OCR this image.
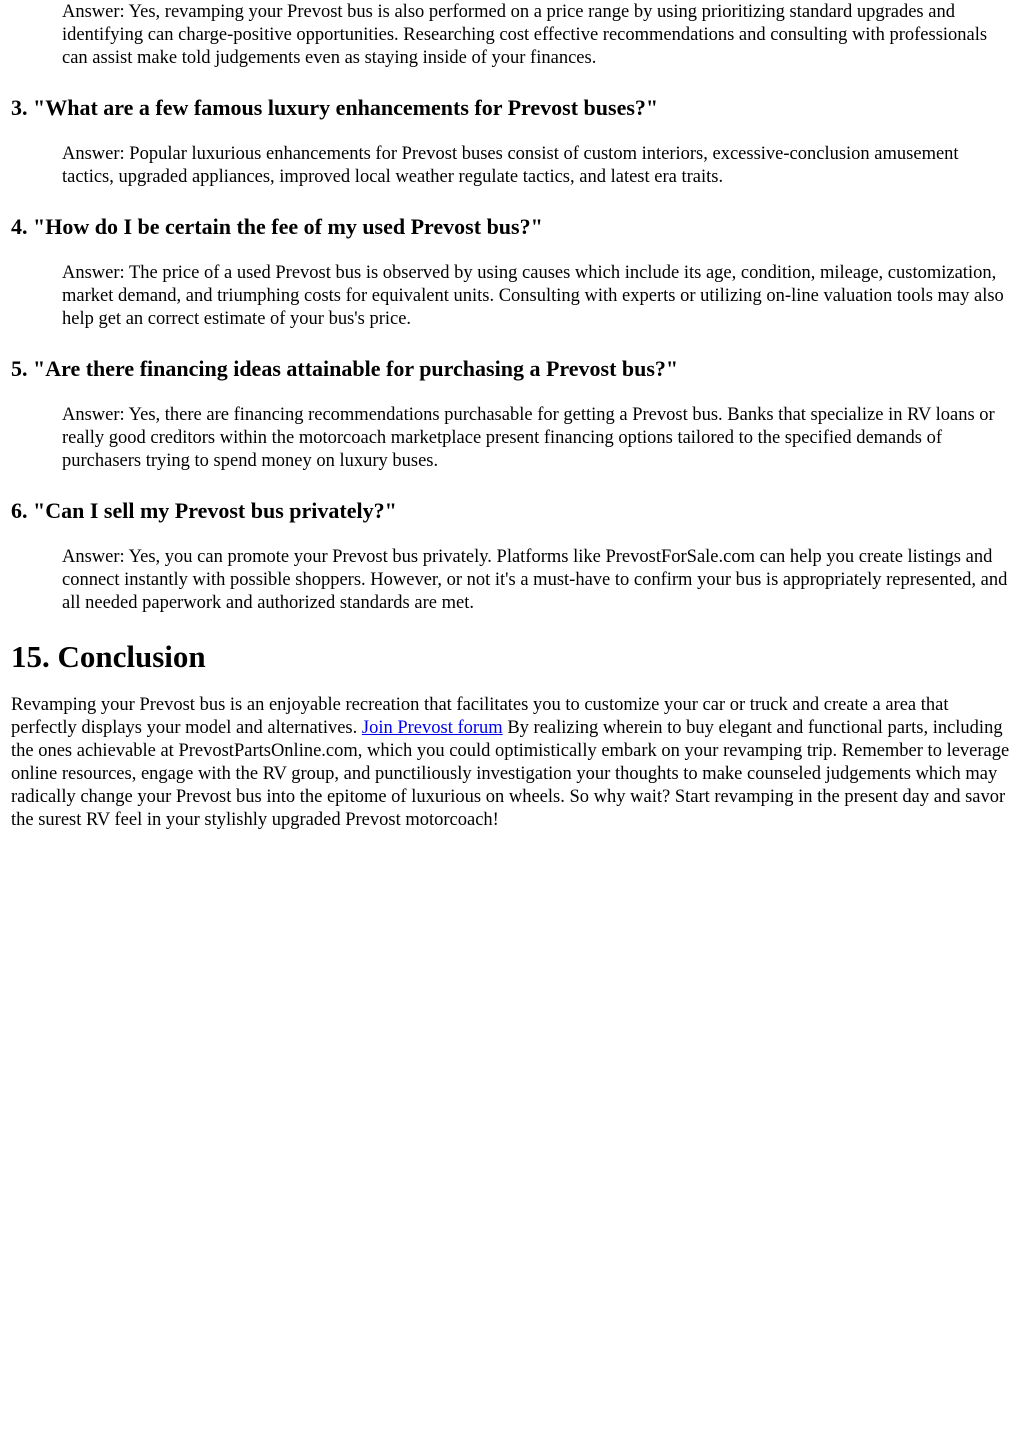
Answer: Yes, revamping your Prevost bus is also performed on a price range by using prioritizing standard upgrades and identifying can charge-positive opportunities. Researching cost effective recommendations and consulting with professionals can assist make told judgements even as staying inside of your finances.

3. "What are a few famous luxury enhancements for Prevost buses?"

Answer: Popular luxurious enhancements for Prevost buses consist of custom interiors, excessive-conclusion amusement tactics, upgraded appliances, improved local weather regulate tactics, and latest era traits.

4. "How do I be certain the fee of my used Prevost bus?"

Answer: The price of a used Prevost bus is observed by using causes which include its age, condition, mileage, customization, market demand, and triumphing costs for equivalent units. Consulting with experts or utilizing on-line valuation tools may also help get an correct estimate of your bus's price.

5. "Are there financing ideas attainable for purchasing a Prevost bus?"

Answer: Yes, there are financing recommendations purchasable for getting a Prevost bus. Banks that specialize in RV loans or really good creditors within the motorcoach marketplace present financing options tailored to the specified demands of purchasers trying to spend money on luxury buses.

6. "Can I sell my Prevost bus privately?"

Answer: Yes, you can promote your Prevost bus privately. Platforms like PrevostForSale.com can help you create listings and connect instantly with possible shoppers. However, or not it's a must-have to confirm your bus is appropriately represented, and all needed paperwork and authorized standards are met.

15. Conclusion

Revamping your Prevost bus is an enjoyable recreation that facilitates you to customize your car or truck and create a area that perfectly displays your model and alternatives. Join Prevost forum By realizing wherein to buy elegant and functional parts, including the ones achievable at PrevostPartsOnline.com, which you could optimistically embark on your revamping trip. Remember to leverage online resources, engage with the RV group, and punctiliously investigation your thoughts to make counseled judgements which may radically change your Prevost bus into the epitome of luxurious on wheels. So why wait? Start revamping in the present day and savor the surest RV feel in your stylishly upgraded Prevost motorcoach!
